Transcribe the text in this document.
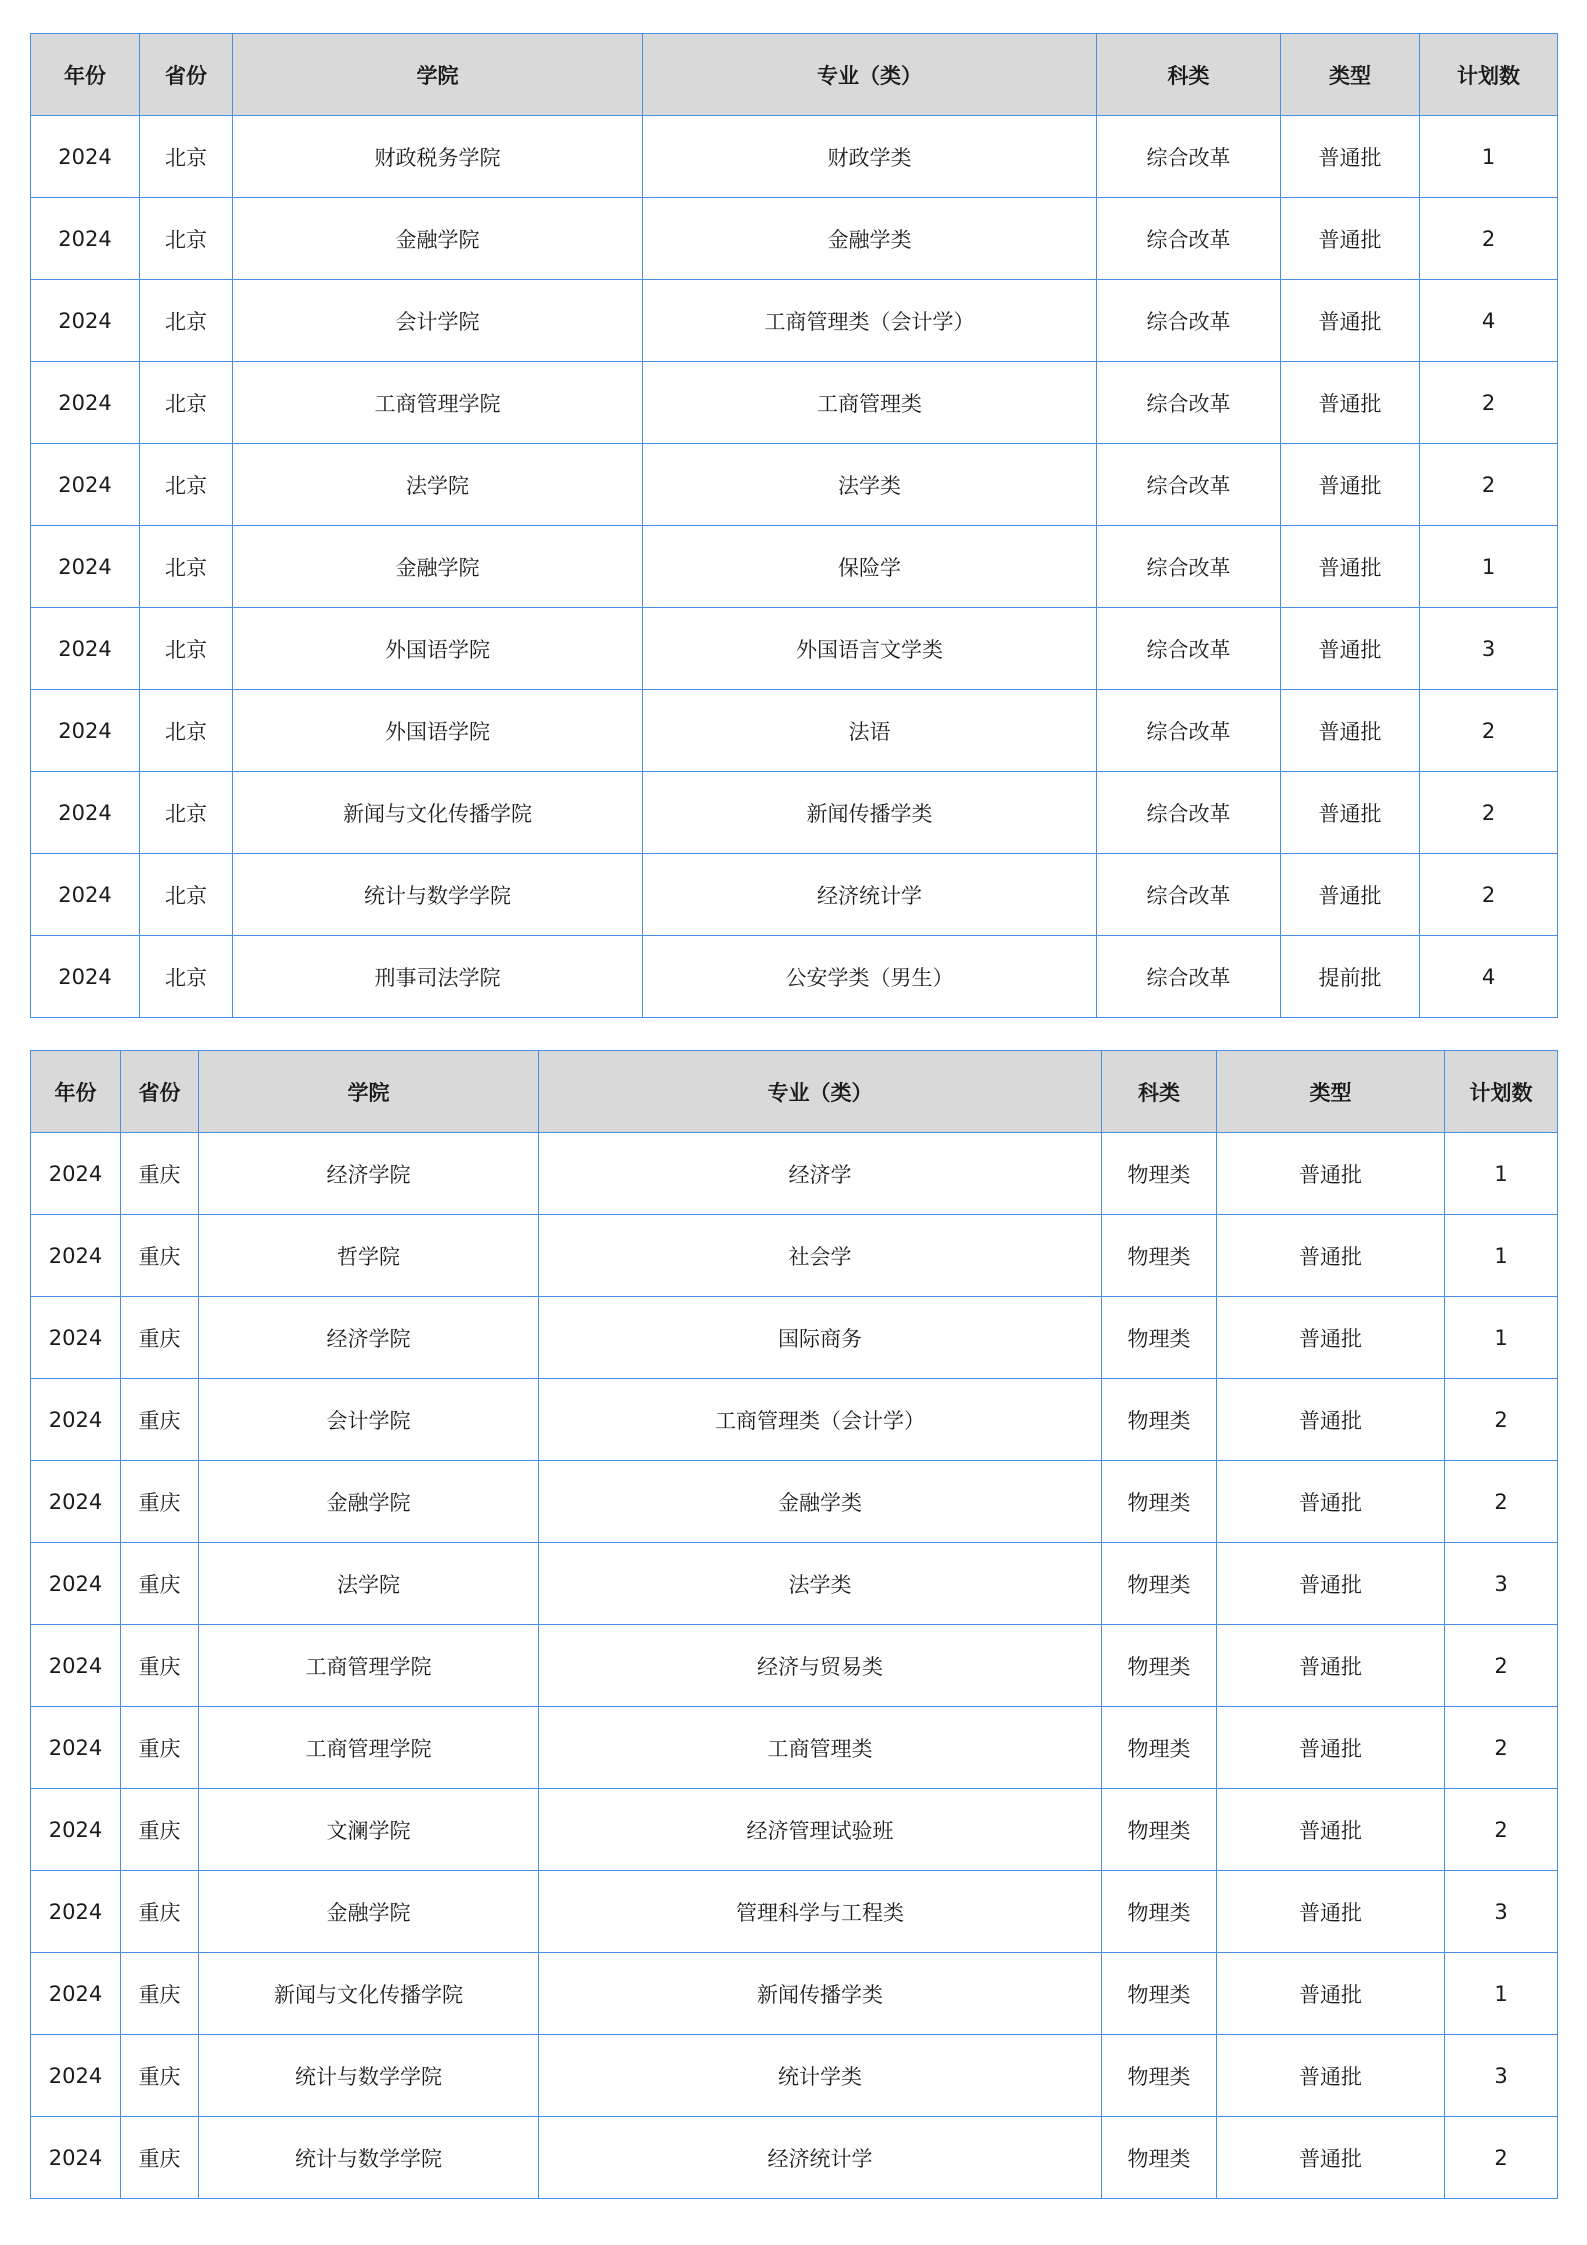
年份	省份	学院	专业（类）	科类	类型	计划数
2024	北京	财政税务学院	财政学类	综合改革	普通批	1
2024	北京	金融学院	金融学类	综合改革	普通批	2
2024	北京	会计学院	工商管理类（会计学）	综合改革	普通批	4
2024	北京	工商管理学院	工商管理类	综合改革	普通批	2
2024	北京	法学院	法学类	综合改革	普通批	2
2024	北京	金融学院	保险学	综合改革	普通批	1
2024	北京	外国语学院	外国语言文学类	综合改革	普通批	3
2024	北京	外国语学院	法语	综合改革	普通批	2
2024	北京	新闻与文化传播学院	新闻传播学类	综合改革	普通批	2
2024	北京	统计与数学学院	经济统计学	综合改革	普通批	2
2024	北京	刑事司法学院	公安学类（男生）	综合改革	提前批	4
年份	省份	学院	专业（类）	科类	类型	计划数
2024	重庆	经济学院	经济学	物理类	普通批	1
2024	重庆	哲学院	社会学	物理类	普通批	1
2024	重庆	经济学院	国际商务	物理类	普通批	1
2024	重庆	会计学院	工商管理类（会计学）	物理类	普通批	2
2024	重庆	金融学院	金融学类	物理类	普通批	2
2024	重庆	法学院	法学类	物理类	普通批	3
2024	重庆	工商管理学院	经济与贸易类	物理类	普通批	2
2024	重庆	工商管理学院	工商管理类	物理类	普通批	2
2024	重庆	文澜学院	经济管理试验班	物理类	普通批	2
2024	重庆	金融学院	管理科学与工程类	物理类	普通批	3
2024	重庆	新闻与文化传播学院	新闻传播学类	物理类	普通批	1
2024	重庆	统计与数学学院	统计学类	物理类	普通批	3
2024	重庆	统计与数学学院	经济统计学	物理类	普通批	2
